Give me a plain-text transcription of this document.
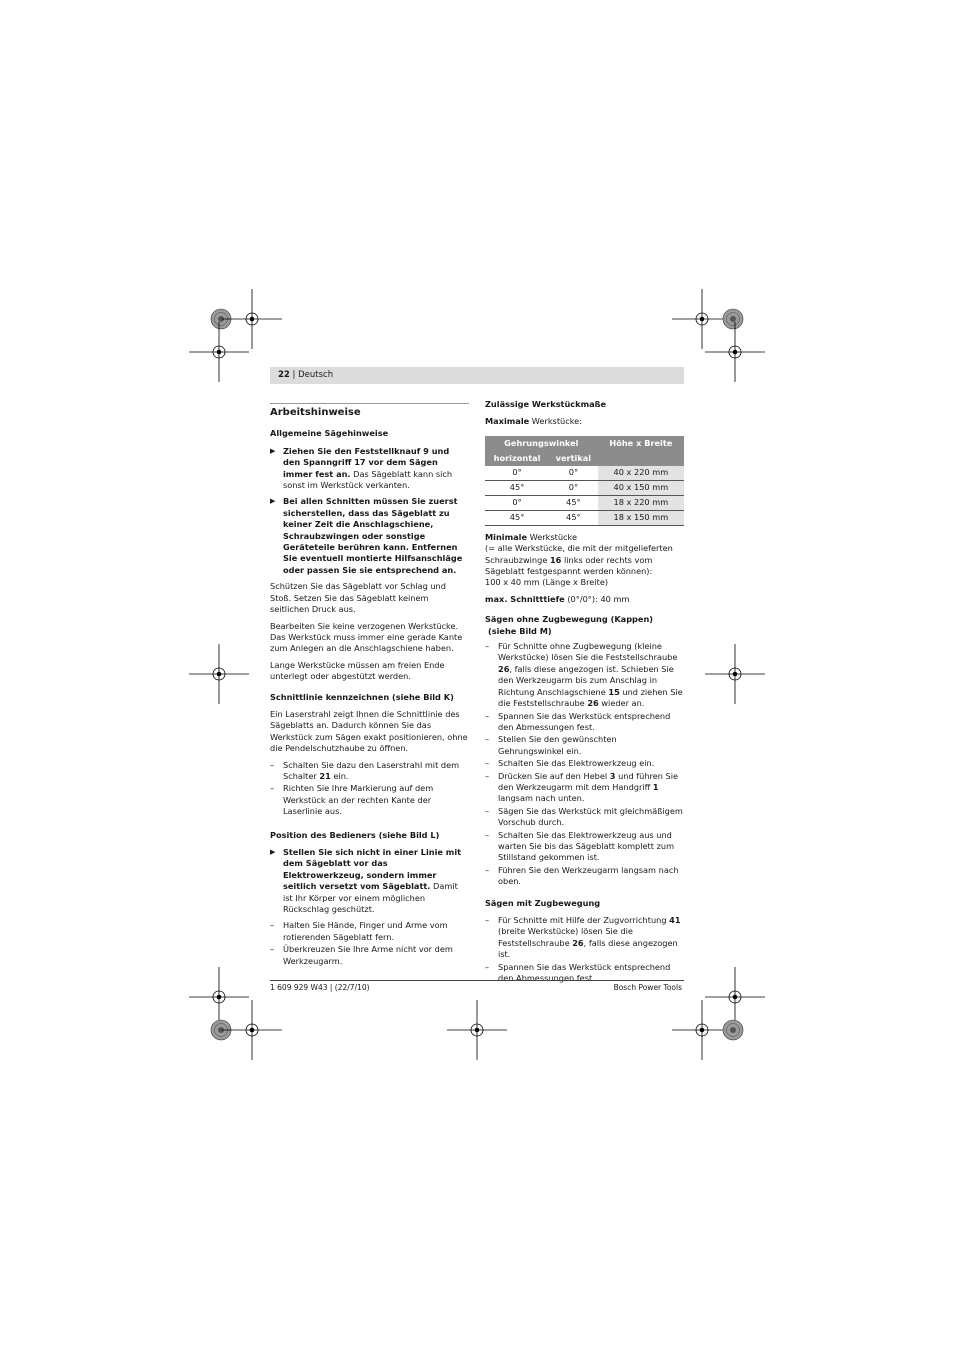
22 | Deutsch
Arbeitshinweise
Allgemeine Sägehinweise
▶ Ziehen Sie den Feststellknauf 9 und den Spanngriff 17 vor dem Sägen immer fest an. Das Sägeblatt kann sich sonst im Werkstück verkanten.
▶ Bei allen Schnitten müssen Sie zuerst sicherstellen, dass das Sägeblatt zu keiner Zeit die Anschlagschiene, Schraubzwingen oder sonstige Geräteteile berühren kann. Entfernen Sie eventuell montierte Hilfsanschläge oder passen Sie sie entsprechend an.

Schützen Sie das Sägeblatt vor Schlag und Stoß. Setzen Sie das Sägeblatt keinem seitlichen Druck aus.

Bearbeiten Sie keine verzogenen Werkstücke. Das Werkstück muss immer eine gerade Kante zum Anlegen an die Anschlagschiene haben.

Lange Werkstücke müssen am freien Ende unterlegt oder abgestützt werden.

Schnittlinie kennzeichnen (siehe Bild K)

Ein Laserstrahl zeigt Ihnen die Schnittlinie des Sägeblatts an. Dadurch können Sie das Werkstück zum Sägen exakt positionieren, ohne die Pendelschutzhaube zu öffnen.

– Schalten Sie dazu den Laserstrahl mit dem Schalter 21 ein.
– Richten Sie Ihre Markierung auf dem Werkstück an der rechten Kante der Laserlinie aus.
Position des Bedieners (siehe Bild L)
▶ Stellen Sie sich nicht in einer Linie mit dem Sägeblatt vor das Elektrowerkzeug, sondern immer seitlich versetzt vom Sägeblatt. Damit ist Ihr Körper vor einem möglichen Rückschlag geschützt.
– Halten Sie Hände, Finger und Arme vom rotierenden Sägeblatt fern.
– Überkreuzen Sie Ihre Arme nicht vor dem Werkzeugarm.
Zulässige Werkstückmaße

Maximale Werkstücke:

Gehrungswinkel		Höhe x Breite
horizontal	vertikal	
0°	0°	40 x 220 mm
45°	0°	40 x 150 mm
0°	45°	18 x 220 mm
45°	45°	18 x 150 mm

Minimale Werkstücke
(= alle Werkstücke, die mit der mitgelieferten Schraubzwinge 16 links oder rechts vom Sägeblatt festgespannt werden können):
100 x 40 mm (Länge x Breite)

max. Schnitttiefe (0°/0°): 40 mm

Sägen ohne Zugbewegung (Kappen)
(siehe Bild M)
– Für Schnitte ohne Zugbewegung (kleine Werkstücke) lösen Sie die Feststellschraube 26, falls diese angezogen ist. Schieben Sie den Werkzeugarm bis zum Anschlag in Richtung Anschlagschiene 15 und ziehen Sie die Feststellschraube 26 wieder an.
– Spannen Sie das Werkstück entsprechend den Abmessungen fest.
– Stellen Sie den gewünschten Gehrungswinkel ein.
– Schalten Sie das Elektrowerkzeug ein.
– Drücken Sie auf den Hebel 3 und führen Sie den Werkzeugarm mit dem Handgriff 1 langsam nach unten.
– Sägen Sie das Werkstück mit gleichmäßigem Vorschub durch.
– Schalten Sie das Elektrowerkzeug aus und warten Sie bis das Sägeblatt komplett zum Stillstand gekommen ist.
– Führen Sie den Werkzeugarm langsam nach oben.
Sägen mit Zugbewegung
– Für Schnitte mit Hilfe der Zugvorrichtung 41 (breite Werkstücke) lösen Sie die Feststellschraube 26, falls diese angezogen ist.
– Spannen Sie das Werkstück entsprechend den Abmessungen fest.
1 609 929 W43 | (22/7/10)	Bosch Power Tools
